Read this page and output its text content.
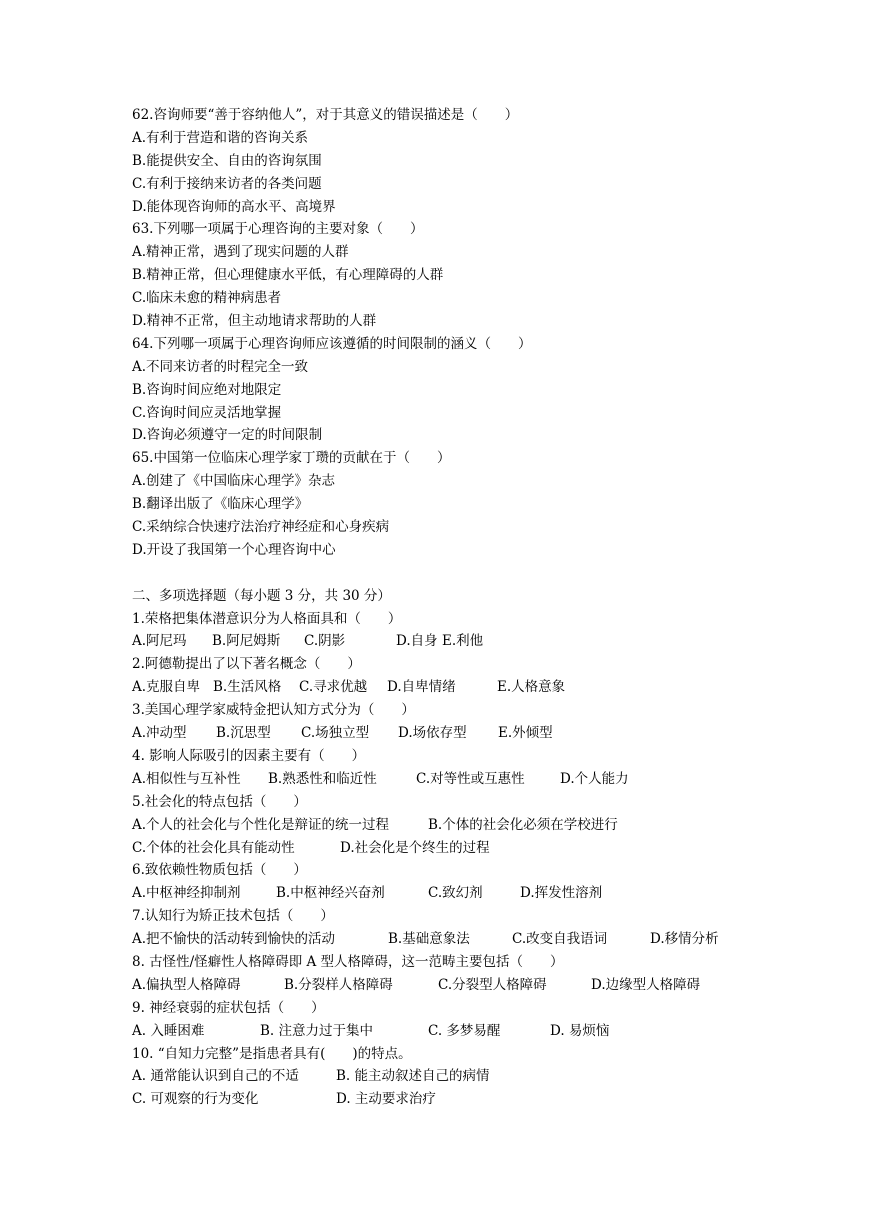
62.咨询师要“善于容纳他人”，对于其意义的错误描述是（　　）
A.有利于营造和谐的咨询关系
B.能提供安全、自由的咨询氛围
C.有利于接纳来访者的各类问题
D.能体现咨询师的高水平、高境界
63.下列哪一项属于心理咨询的主要对象（　　）
A.精神正常，遇到了现实问题的人群
B.精神正常，但心理健康水平低，有心理障碍的人群
C.临床未愈的精神病患者
D.精神不正常，但主动地请求帮助的人群
64.下列哪一项属于心理咨询师应该遵循的时间限制的涵义（　　）
A.不同来访者的时程完全一致
B.咨询时间应绝对地限定
C.咨询时间应灵活地掌握
D.咨询必须遵守一定的时间限制
65.中国第一位临床心理学家丁瓒的贡献在于（　　）
A.创建了《中国临床心理学》杂志
B.翻译出版了《临床心理学》
C.采纳综合快速疗法治疗神经症和心身疾病
D.开设了我国第一个心理咨询中心
二、多项选择题（每小题 3 分，共 30 分）
1.荣格把集体潜意识分为人格面具和（　　）
A.阿尼玛	B.阿尼姆斯	C.阴影	D.自身 E.利他
2.阿德勒提出了以下著名概念（　　）
A.克服自卑 B.生活风格	C.寻求优越	D.自卑情绪	E.人格意象
3.美国心理学家威特金把认知方式分为（　　）
A.冲动型	B.沉思型	C.场独立型	D.场依存型	E.外倾型
4. 影响人际吸引的因素主要有（　　）
A.相似性与互补性	B.熟悉性和临近性	C.对等性或互惠性	D.个人能力
5.社会化的特点包括（　　）
A.个人的社会化与个性化是辩证的统一过程	B.个体的社会化必须在学校进行
C.个体的社会化具有能动性	D.社会化是个终生的过程
6.致依赖性物质包括（　　）
A.中枢神经抑制剂	B.中枢神经兴奋剂	C.致幻剂	D.挥发性溶剂
7.认知行为矫正技术包括（　　）
A.把不愉快的活动转到愉快的活动	B.基础意象法	C.改变自我语词	D.移情分析
8. 古怪性/怪癖性人格障碍即 A 型人格障碍，这一范畴主要包括（　　）
A.偏执型人格障碍	B.分裂样人格障碍	C.分裂型人格障碍	D.边缘型人格障碍
9. 神经衰弱的症状包括（　　）
A. 入睡困难	B. 注意力过于集中	C. 多梦易醒	D. 易烦恼
10. “自知力完整”是指患者具有(　　)的特点。
A. 通常能认识到自己的不适	B. 能主动叙述自己的病情
C. 可观察的行为变化	D. 主动要求治疗
